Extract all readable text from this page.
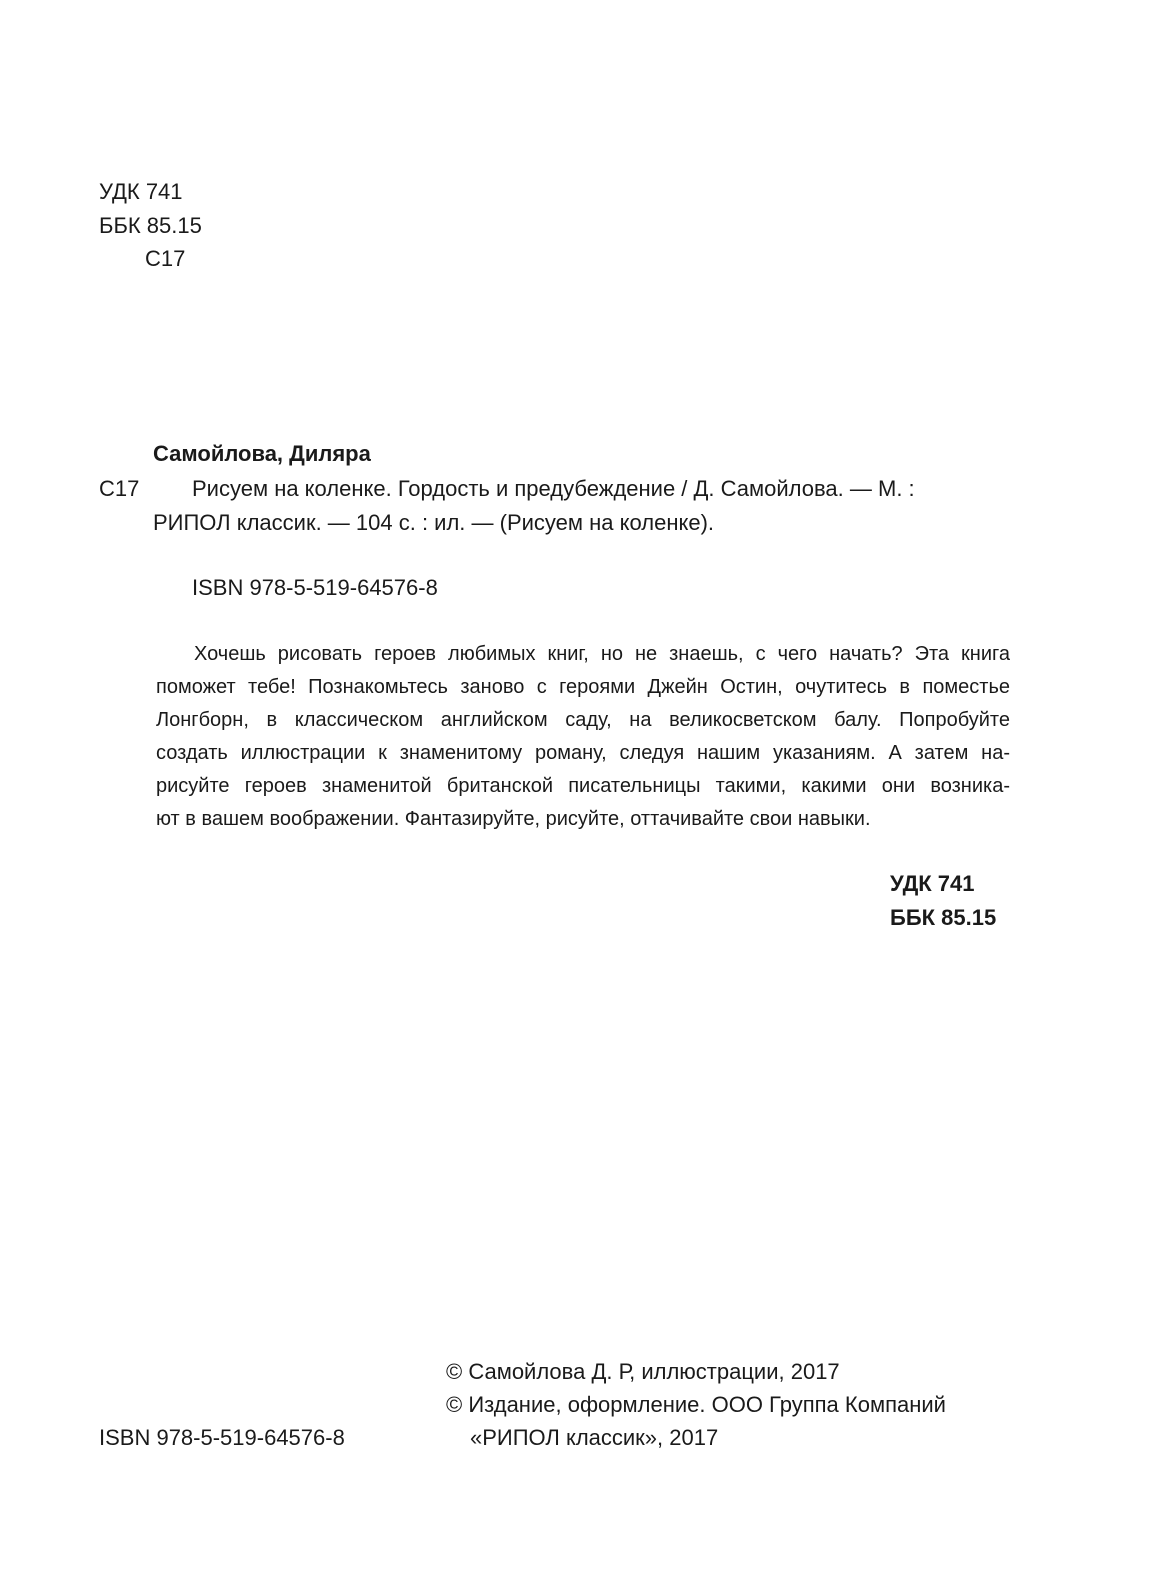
УДК 741
ББК 85.15
С17
Самойлова, Диляра
С17 Рисуем на коленке. Гордость и предубеждение / Д. Самойлова. — М. :
РИПОЛ классик. — 104 с. : ил. — (Рисуем на коленке).
ISBN 978-5-519-64576-8
Хочешь рисовать героев любимых книг, но не знаешь, с чего начать? Эта книга
поможет тебе! Познакомьтесь заново с героями Джейн Остин, очутитесь в поместье
Лонгборн, в классическом английском саду, на великосветском балу. Попробуйте
создать иллюстрации к знаменитому роману, следуя нашим указаниям. А затем на-
рисуйте героев знаменитой британской писательницы такими, какими они возника-
ют в вашем воображении. Фантазируйте, рисуйте, оттачивайте свои навыки.
УДК 741
ББК 85.15
© Самойлова Д. Р, иллюстрации, 2017
© Издание, оформление. ООО Группа Компаний
ISBN 978-5-519-64576-8	«РИПОЛ классик», 2017
